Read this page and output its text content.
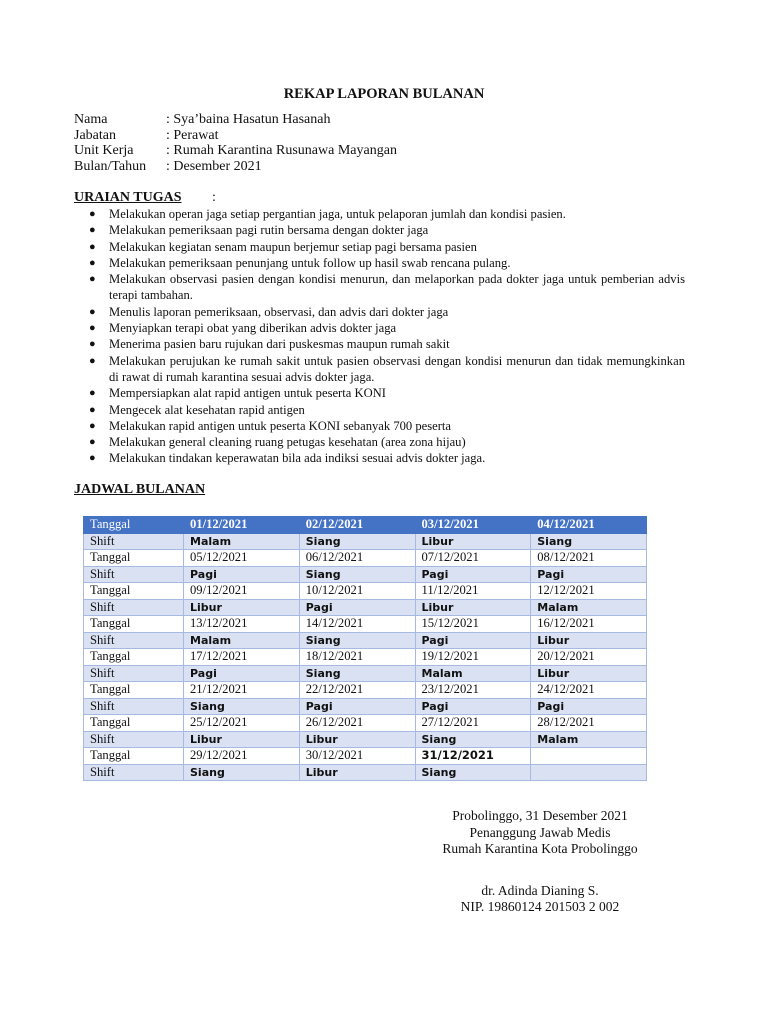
REKAP LAPORAN BULANAN
Nama	: Sya’baina Hasatun Hasanah
Jabatan	: Perawat
Unit Kerja	: Rumah Karantina Rusunawa Mayangan
Bulan/Tahun	: Desember 2021
URAIAN TUGAS :
● Melakukan operan jaga setiap pergantian jaga, untuk pelaporan jumlah dan kondisi pasien.
● Melakukan pemeriksaan pagi rutin bersama dengan dokter jaga
● Melakukan kegiatan senam maupun berjemur setiap pagi bersama pasien
● Melakukan pemeriksaan penunjang untuk follow up hasil swab rencana pulang.
● Melakukan observasi pasien dengan kondisi menurun, dan melaporkan pada dokter jaga untuk pemberian advis terapi tambahan.
● Menulis laporan pemeriksaan, observasi, dan advis dari dokter jaga
● Menyiapkan terapi obat yang diberikan advis dokter jaga
● Menerima pasien baru rujukan dari puskesmas maupun rumah sakit
● Melakukan perujukan ke rumah sakit untuk pasien observasi dengan kondisi menurun dan tidak memungkinkan di rawat di rumah karantina sesuai advis dokter jaga.
● Mempersiapkan alat rapid antigen untuk peserta KONI
● Mengecek alat kesehatan rapid antigen
● Melakukan rapid antigen untuk peserta KONI sebanyak 700 peserta
● Melakukan general cleaning ruang petugas kesehatan (area zona hijau)
● Melakukan tindakan keperawatan bila ada indiksi sesuai advis dokter jaga.
JADWAL BULANAN
Tanggal	01/12/2021	02/12/2021	03/12/2021	04/12/2021
Shift	Malam	Siang	Libur	Siang
Tanggal	05/12/2021	06/12/2021	07/12/2021	08/12/2021
Shift	Pagi	Siang	Pagi	Pagi
Tanggal	09/12/2021	10/12/2021	11/12/2021	12/12/2021
Shift	Libur	Pagi	Libur	Malam
Tanggal	13/12/2021	14/12/2021	15/12/2021	16/12/2021
Shift	Malam	Siang	Pagi	Libur
Tanggal	17/12/2021	18/12/2021	19/12/2021	20/12/2021
Shift	Pagi	Siang	Malam	Libur
Tanggal	21/12/2021	22/12/2021	23/12/2021	24/12/2021
Shift	Siang	Pagi	Pagi	Pagi
Tanggal	25/12/2021	26/12/2021	27/12/2021	28/12/2021
Shift	Libur	Libur	Siang	Malam
Tanggal	29/12/2021	30/12/2021	31/12/2021	
Shift	Siang	Libur	Siang	
Probolinggo, 31 Desember 2021
Penanggung Jawab Medis
Rumah Karantina Kota Probolinggo
dr. Adinda Dianing S.
NIP. 19860124 201503 2 002
